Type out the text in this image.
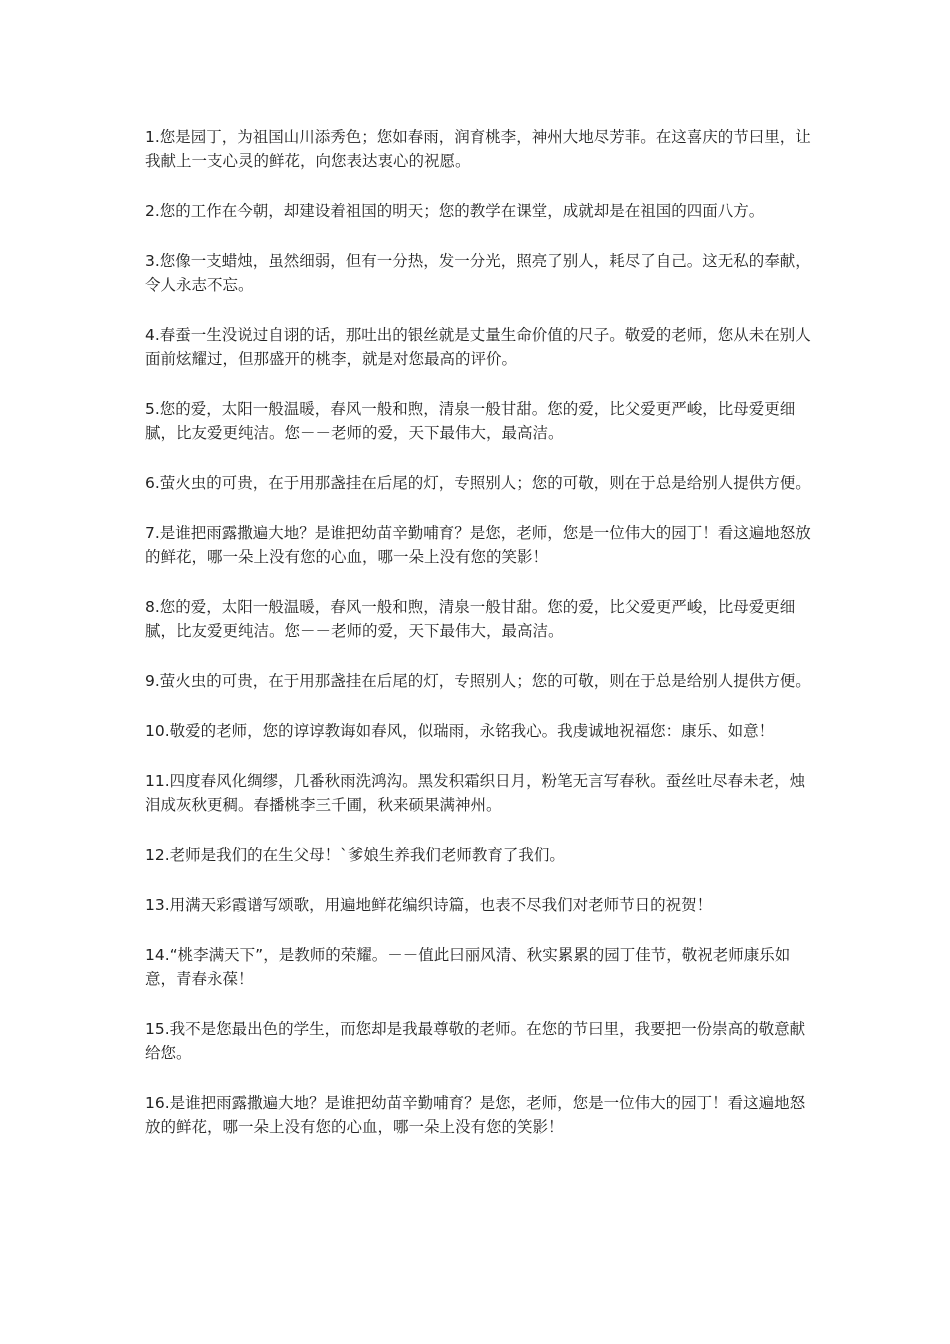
1.您是园丁，为祖国山川添秀色；您如春雨，润育桃李，神州大地尽芳菲。在这喜庆的节曰里，让我献上一支心灵的鲜花，向您表达衷心的祝愿。

2.您的工作在今朝，却建设着祖国的明天；您的教学在课堂，成就却是在祖国的四面八方。

3.您像一支蜡烛，虽然细弱，但有一分热，发一分光，照亮了别人，耗尽了自己。这无私的奉献，令人永志不忘。

4.春蚕一生没说过自诩的话，那吐出的银丝就是丈量生命价值的尺子。敬爱的老师，您从未在别人面前炫耀过，但那盛开的桃李，就是对您最高的评价。

5.您的爱，太阳一般温暖，春风一般和煦，清泉一般甘甜。您的爱，比父爱更严峻，比母爱更细腻，比友爱更纯洁。您－－老师的爱，天下最伟大，最高洁。

6.萤火虫的可贵，在于用那盏挂在后尾的灯，专照别人；您的可敬，则在于总是给别人提供方便。

7.是谁把雨露撒遍大地？是谁把幼苗辛勤哺育？是您，老师，您是一位伟大的园丁！看这遍地怒放的鲜花，哪一朵上没有您的心血，哪一朵上没有您的笑影！

8.您的爱，太阳一般温暖，春风一般和煦，清泉一般甘甜。您的爱，比父爱更严峻，比母爱更细腻，比友爱更纯洁。您－－老师的爱，天下最伟大，最高洁。

9.萤火虫的可贵，在于用那盏挂在后尾的灯，专照别人；您的可敬，则在于总是给别人提供方便。

10.敬爱的老师，您的谆谆教诲如春风，似瑞雨，永铭我心。我虔诚地祝福您：康乐、如意！

11.四度春风化绸缪，几番秋雨洗鸿沟。黑发积霜织日月，粉笔无言写春秋。蚕丝吐尽春未老，烛泪成灰秋更稠。春播桃李三千圃，秋来硕果满神州。

12.老师是我们的在生父母！`爹娘生养我们老师教育了我们。

13.用满天彩霞谱写颂歌，用遍地鲜花编织诗篇，也表不尽我们对老师节日的祝贺！

14.“桃李满天下”，是教师的荣耀。－－值此曰丽风清、秋实累累的园丁佳节，敬祝老师康乐如意，青春永葆！

15.我不是您最出色的学生，而您却是我最尊敬的老师。在您的节曰里，我要把一份崇高的敬意献给您。

16.是谁把雨露撒遍大地？是谁把幼苗辛勤哺育？是您，老师，您是一位伟大的园丁！看这遍地怒放的鲜花，哪一朵上没有您的心血，哪一朵上没有您的笑影！
